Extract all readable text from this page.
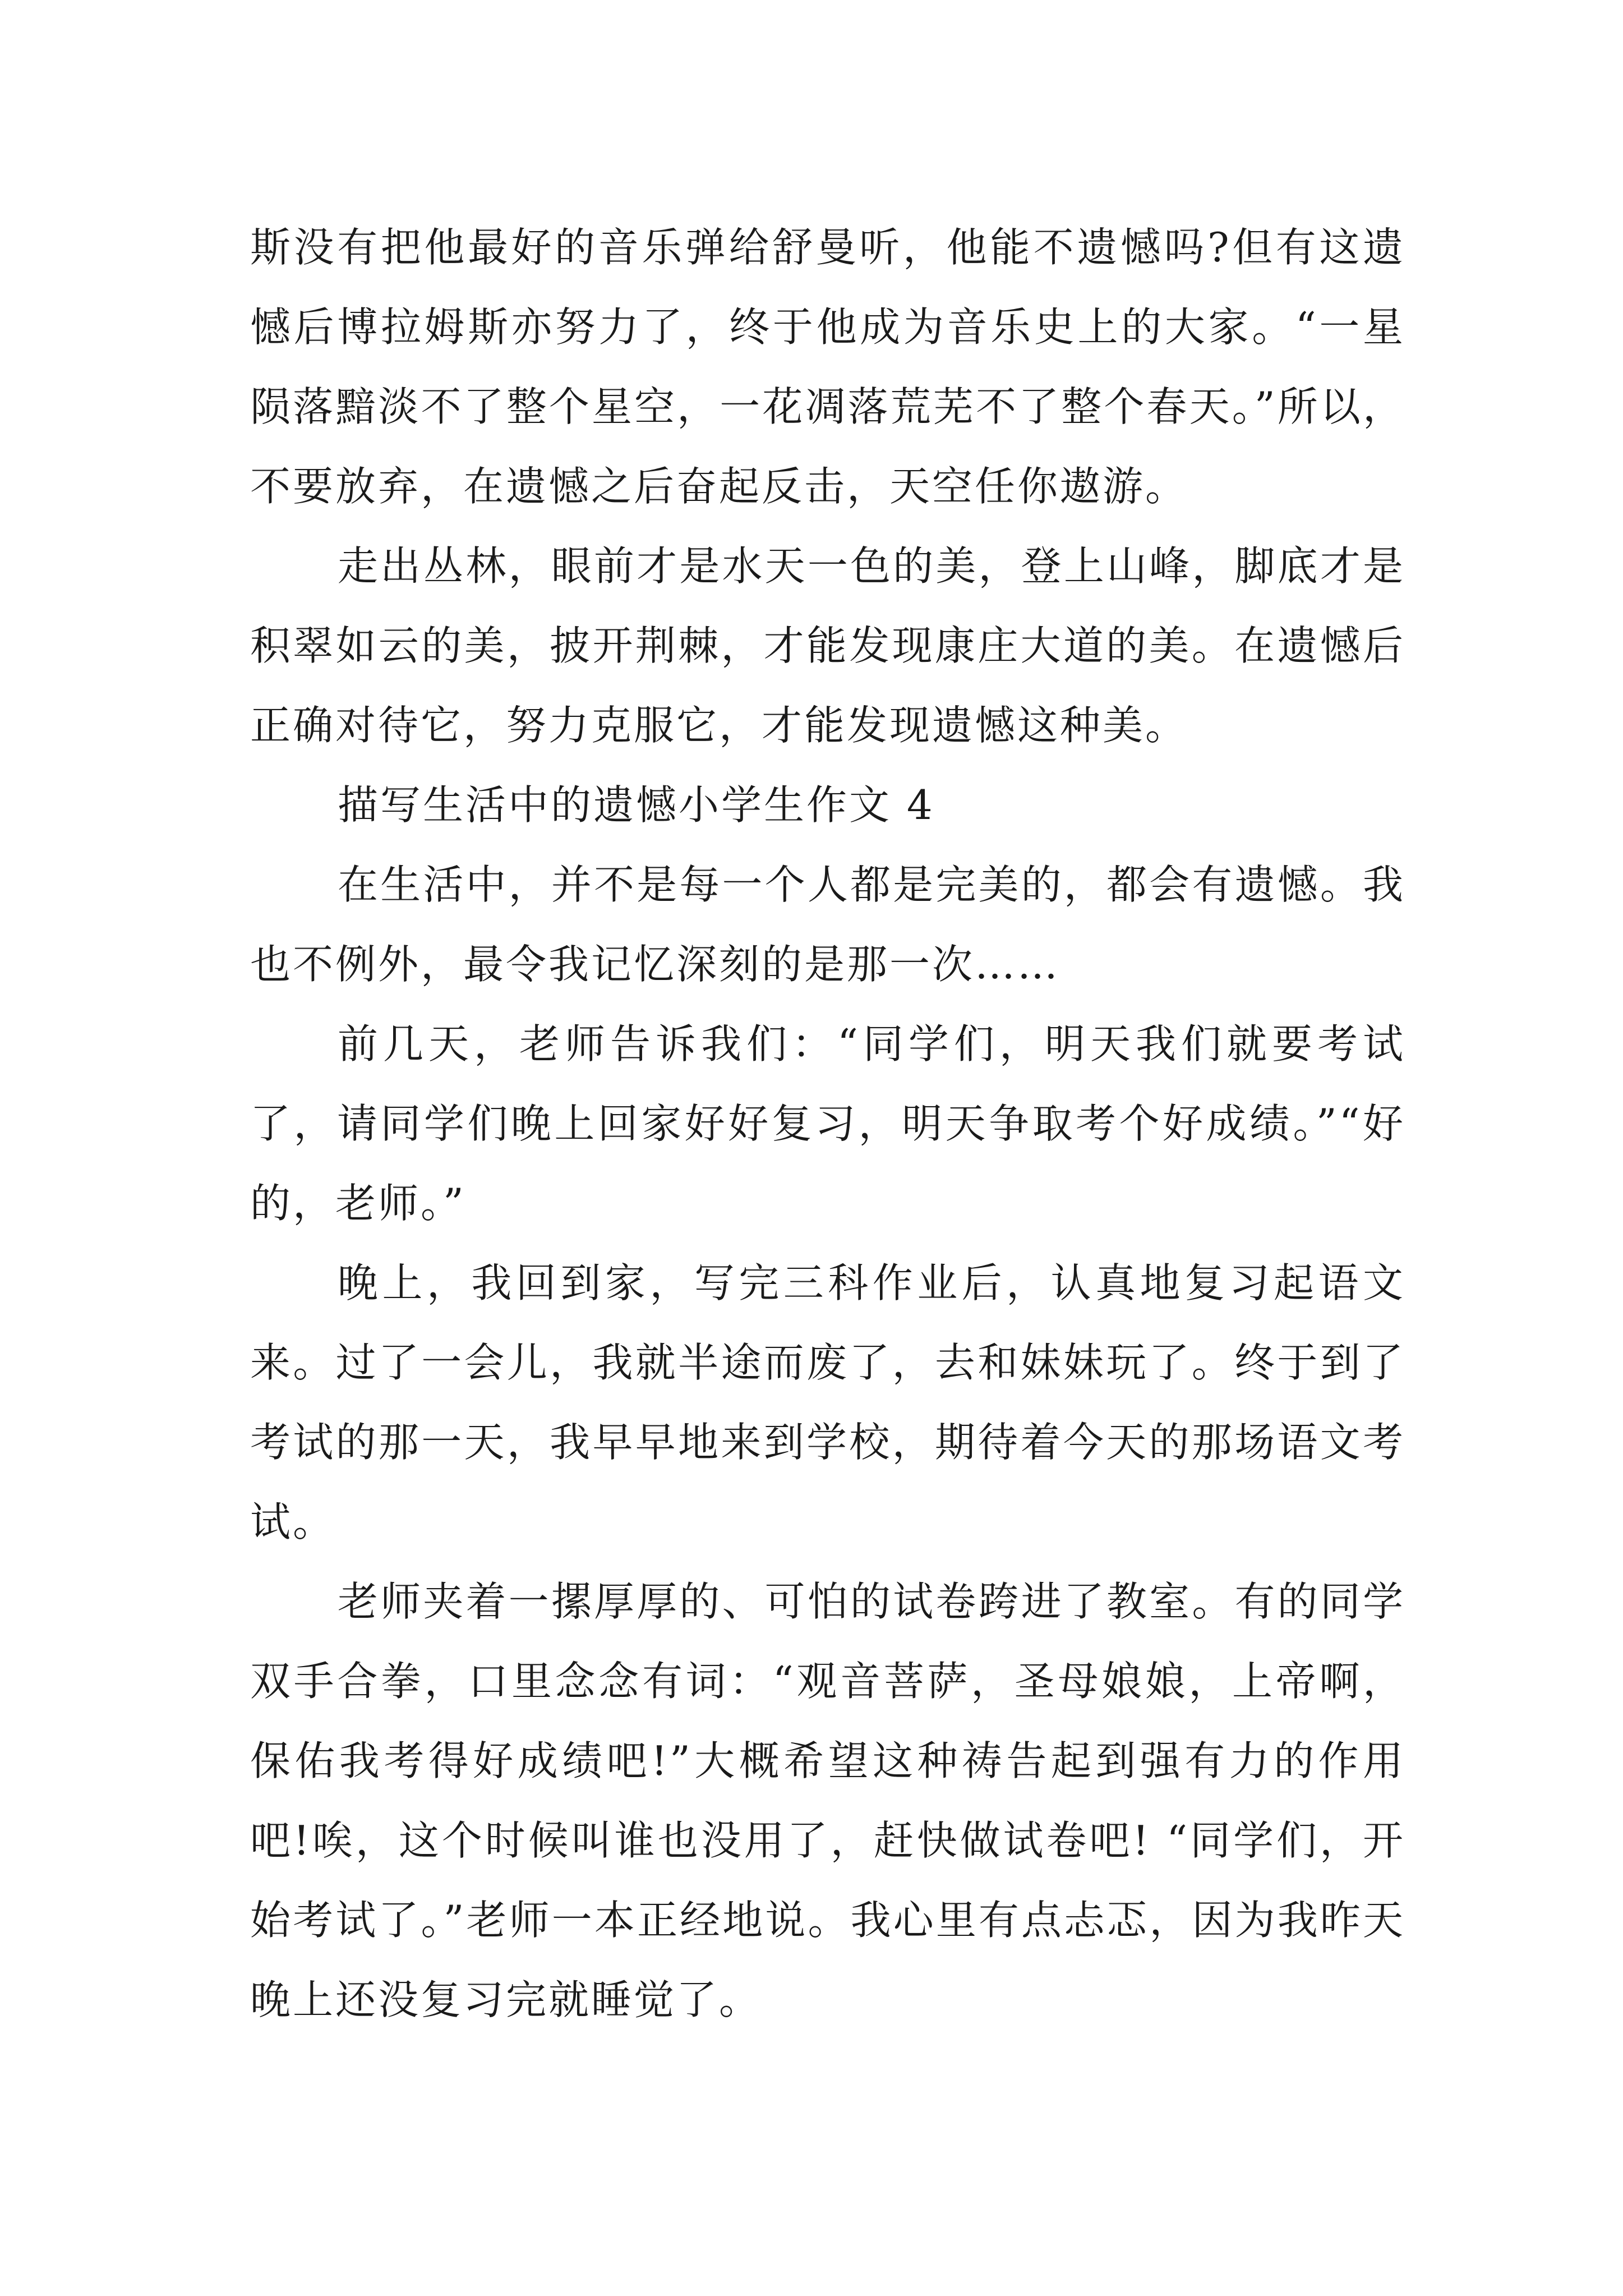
斯没有把他最好的音乐弹给舒曼听，他能不遗憾吗?但有这遗憾后博拉姆斯亦努力了，终于他成为音乐史上的大家。“一星陨落黯淡不了整个星空，一花凋落荒芜不了整个春天。”所以，不要放弃，在遗憾之后奋起反击，天空任你遨游。

走出丛林，眼前才是水天一色的美，登上山峰，脚底才是积翠如云的美，披开荆棘，才能发现康庄大道的美。在遗憾后正确对待它，努力克服它，才能发现遗憾这种美。

描写生活中的遗憾小学生作文 4

在生活中，并不是每一个人都是完美的，都会有遗憾。我也不例外，最令我记忆深刻的是那一次……

前几天，老师告诉我们：“同学们，明天我们就要考试了，请同学们晚上回家好好复习，明天争取考个好成绩。”“好的，老师。”

晚上，我回到家，写完三科作业后，认真地复习起语文来。过了一会儿，我就半途而废了，去和妹妹玩了。终于到了考试的那一天，我早早地来到学校，期待着今天的那场语文考试。

老师夹着一摞厚厚的、可怕的试卷跨进了教室。有的同学双手合拳，口里念念有词：“观音菩萨，圣母娘娘，上帝啊，保佑我考得好成绩吧!”大概希望这种祷告起到强有力的作用吧!唉，这个时候叫谁也没用了，赶快做试卷吧! “同学们，开始考试了。”老师一本正经地说。我心里有点忐忑，因为我昨天晚上还没复习完就睡觉了。
